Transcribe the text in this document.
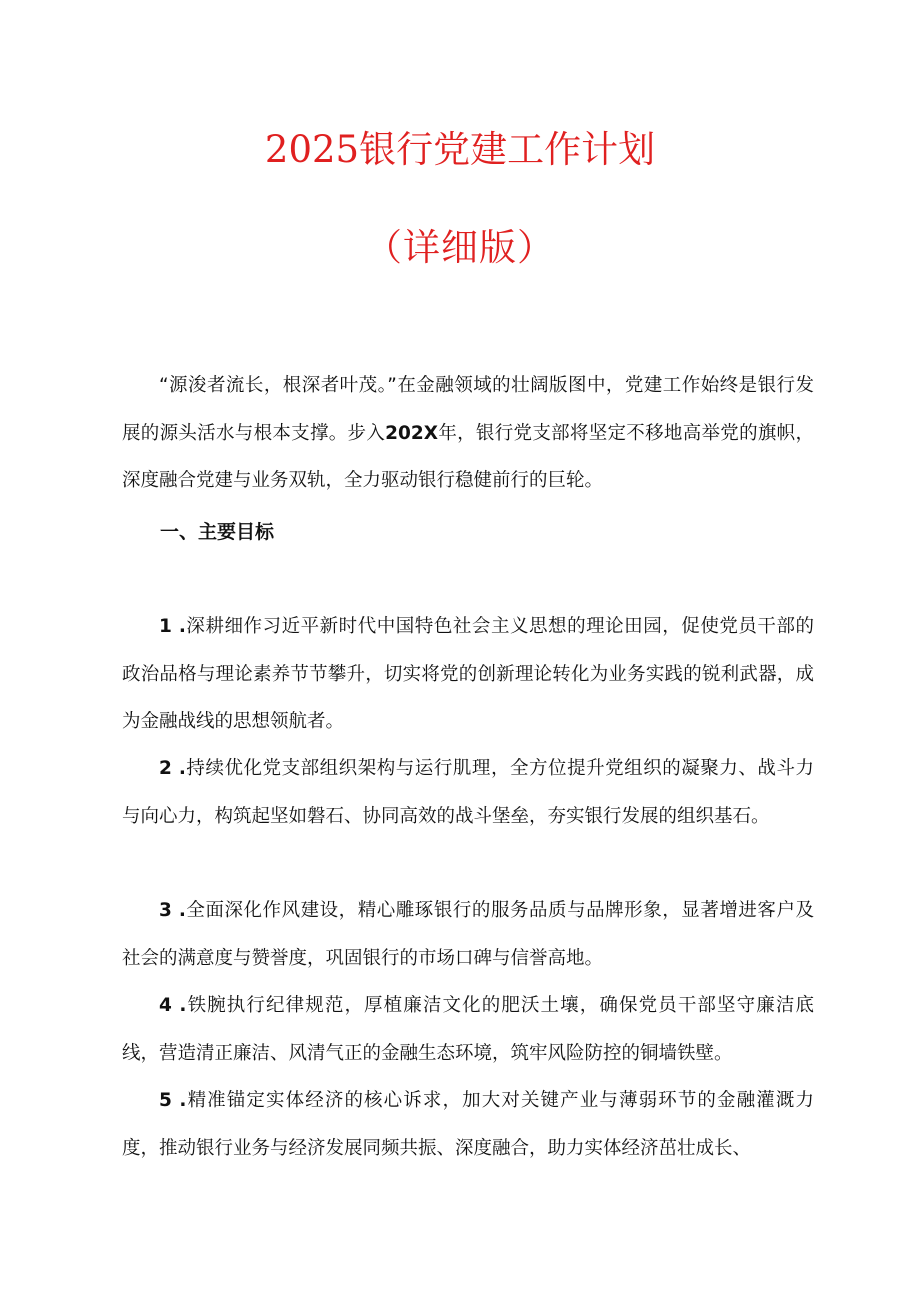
2025银行党建工作计划
（详细版）

“源浚者流长，根深者叶茂。”在金融领域的壮阔版图中，党建工作始终是银行发展的源头活水与根本支撑。步入202X年，银行党支部将坚定不移地高举党的旗帜，深度融合党建与业务双轨，全力驱动银行稳健前行的巨轮。

一、主要目标

1 .深耕细作习近平新时代中国特色社会主义思想的理论田园，促使党员干部的政治品格与理论素养节节攀升，切实将党的创新理论转化为业务实践的锐利武器，成为金融战线的思想领航者。

2 .持续优化党支部组织架构与运行肌理，全方位提升党组织的凝聚力、战斗力与向心力，构筑起坚如磐石、协同高效的战斗堡垒，夯实银行发展的组织基石。

3 .全面深化作风建设，精心雕琢银行的服务品质与品牌形象，显著增进客户及社会的满意度与赞誉度，巩固银行的市场口碑与信誉高地。

4 .铁腕执行纪律规范，厚植廉洁文化的肥沃土壤，确保党员干部坚守廉洁底线，营造清正廉洁、风清气正的金融生态环境，筑牢风险防控的铜墙铁壁。

5 .精准锚定实体经济的核心诉求，加大对关键产业与薄弱环节的金融灌溉力度，推动银行业务与经济发展同频共振、深度融合，助力实体经济茁壮成长、
